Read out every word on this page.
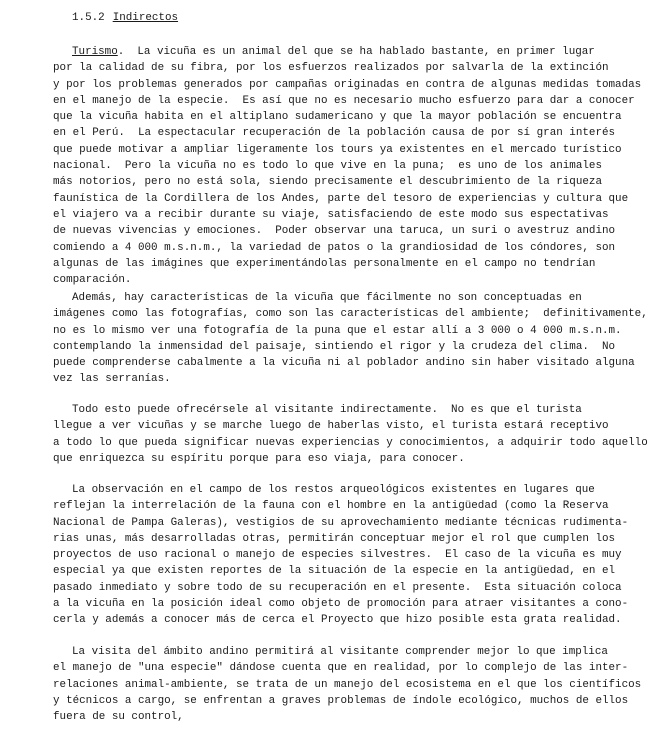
1.5.2 Indirectos
Turismo.  La vicuña es un animal del que se ha hablado bastante, en primer lugar
por la calidad de su fibra, por los esfuerzos realizados por salvarla de la extinción
y por los problemas generados por campañas originadas en contra de algunas medidas tomadas
en el manejo de la especie.  Es así que no es necesario mucho esfuerzo para dar a conocer
que la vicuña habita en el altiplano sudamericano y que la mayor población se encuentra
en el Perú.  La espectacular recuperación de la población causa de por sí gran interés
que puede motivar a ampliar ligeramente los tours ya existentes en el mercado turístico
nacional.  Pero la vicuña no es todo lo que vive en la puna;  es uno de los animales
más notorios, pero no está sola, siendo precisamente el descubrimiento de la riqueza
faunística de la Cordillera de los Andes, parte del tesoro de experiencias y cultura que
el viajero va a recibir durante su viaje, satisfaciendo de este modo sus espectativas
de nuevas vivencias y emociones.  Poder observar una taruca, un suri o avestruz andino
comiendo a 4 000 m.s.n.m., la variedad de patos o la grandiosidad de los cóndores, son
algunas de las imágines que experimentándolas personalmente en el campo no tendrían
comparación.
Además, hay características de la vicuña que fácilmente no son conceptuadas en
imágenes como las fotografías, como son las características del ambiente;  definitivamente,
no es lo mismo ver una fotografía de la puna que el estar allí a 3 000 o 4 000 m.s.n.m.
contemplando la inmensidad del paisaje, sintiendo el rigor y la crudeza del clima.  No
puede comprenderse cabalmente a la vicuña ni al poblador andino sin haber visitado alguna
vez las serranías.
Todo esto puede ofrecérsele al visitante indirectamente.  No es que el turista
llegue a ver vicuñas y se marche luego de haberlas visto, el turista estará receptivo
a todo lo que pueda significar nuevas experiencias y conocimientos, a adquirir todo aquello
que enriquezca su espíritu porque para eso viaja, para conocer.
La observación en el campo de los restos arqueológicos existentes en lugares que
reflejan la interrelación de la fauna con el hombre en la antigüedad (como la Reserva
Nacional de Pampa Galeras), vestigios de su aprovechamiento mediante técnicas rudimenta-
rias unas, más desarrolladas otras, permitirán conceptuar mejor el rol que cumplen los
proyectos de uso racional o manejo de especies silvestres.  El caso de la vicuña es muy
especial ya que existen reportes de la situación de la especie en la antigüedad, en el
pasado inmediato y sobre todo de su recuperación en el presente.  Esta situación coloca
a la vicuña en la posición ideal como objeto de promoción para atraer visitantes a cono-
cerla y además a conocer más de cerca el Proyecto que hizo posible esta grata realidad.
La visita del ámbito andino permitirá al visitante comprender mejor lo que implica
el manejo de "una especie" dándose cuenta que en realidad, por lo complejo de las inter-
relaciones animal-ambiente, se trata de un manejo del ecosistema en el que los científicos
y técnicos a cargo, se enfrentan a graves problemas de índole ecológico, muchos de ellos
fuera de su control,
